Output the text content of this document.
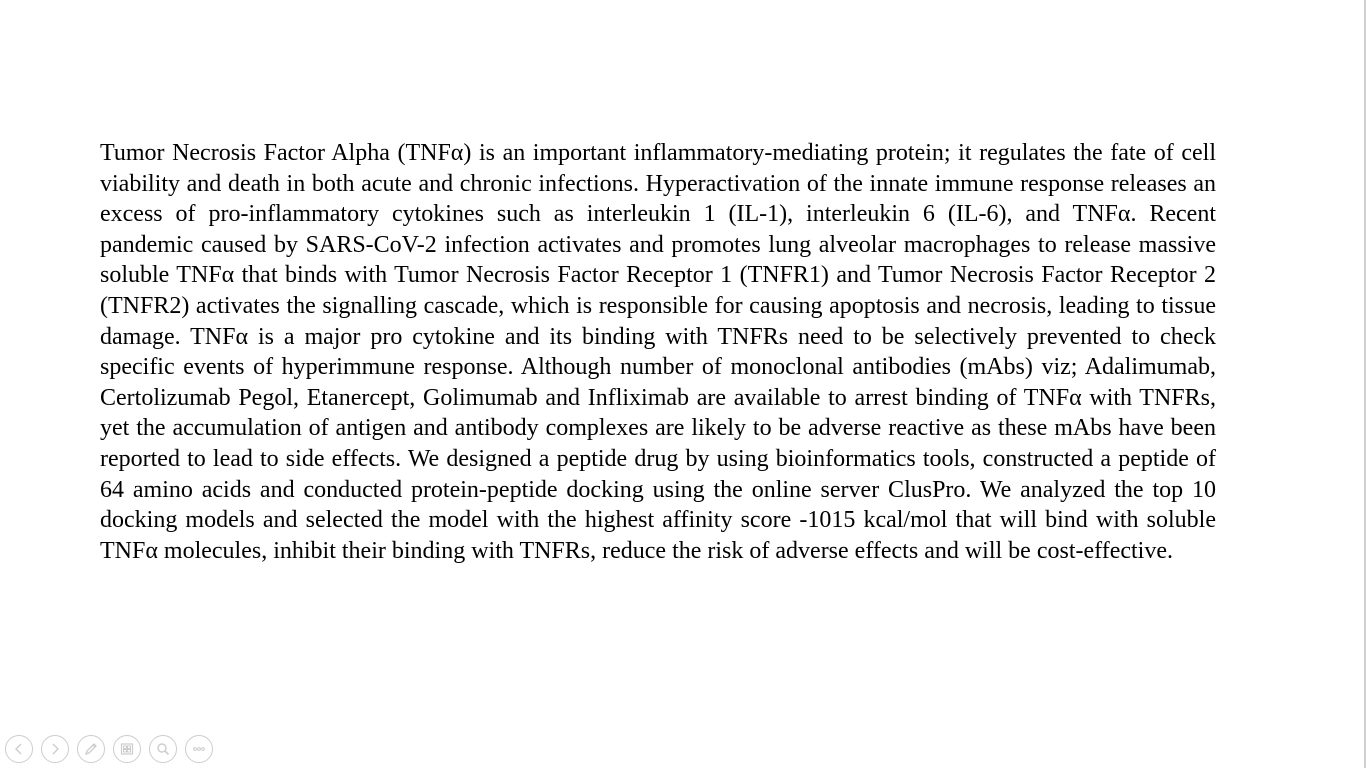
Tumor Necrosis Factor Alpha (TNFα) is an important inflammatory-mediating protein; it regulates the fate of cell viability and death in both acute and chronic infections. Hyperactivation of the innate immune response releases an excess of pro-inflammatory cytokines such as interleukin 1 (IL-1), interleukin 6 (IL-6), and TNFα. Recent pandemic caused by SARS-CoV-2 infection activates and promotes lung alveolar macrophages to release massive soluble TNFα that binds with Tumor Necrosis Factor Receptor 1 (TNFR1) and Tumor Necrosis Factor Receptor 2 (TNFR2) activates the signalling cascade, which is responsible for causing apoptosis and necrosis, leading to tissue damage. TNFα is a major pro cytokine and its binding with TNFRs need to be selectively prevented to check specific events of hyperimmune response. Although number of monoclonal antibodies (mAbs) viz; Adalimumab, Certolizumab Pegol, Etanercept, Golimumab and Infliximab are available to arrest binding of TNFα with TNFRs, yet the accumulation of antigen and antibody complexes are likely to be adverse reactive as these mAbs have been reported to lead to side effects. We designed a peptide drug by using bioinformatics tools, constructed a peptide of 64 amino acids and conducted protein-peptide docking using the online server ClusPro. We analyzed the top 10 docking models and selected the model with the highest affinity score -1015 kcal/mol that will bind with soluble TNFα molecules, inhibit their binding with TNFRs, reduce the risk of adverse effects and will be cost-effective.
